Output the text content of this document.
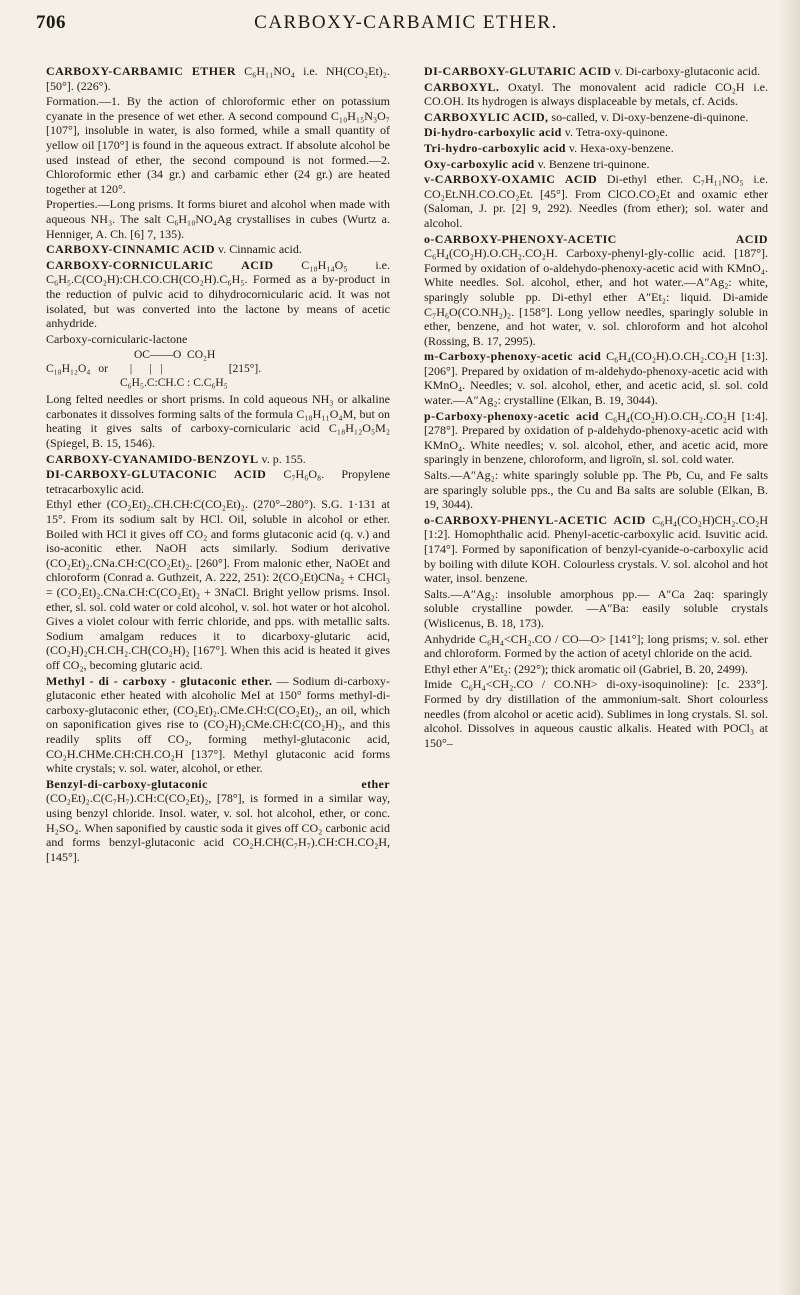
706	CARBOXY-CARBAMIC ETHER.

CARBOXY-CARBAMIC ETHER C₆H₁₁NO₄ i.e. NH(CO₂Et)₂. [50°]. (226°).

Formation.—1. By the action of chloroformic ether on potassium cyanate in the presence of wet ether. A second compound C₁₀H₁₅N₃O₇ [107°], insoluble in water, is also formed, while a small quantity of yellow oil [170°] is found in the aqueous extract. If absolute alcohol be used instead of ether, the second compound is not formed.—2. Chloroformic ether (34 gr.) and carbamic ether (24 gr.) are heated together at 120°.

Properties.—Long prisms. It forms biuret and alcohol when made with aqueous NH₃. The salt C₆H₁₀NO₄Ag crystallises in cubes (Wurtz a. Henniger, A. Ch. [6] 7, 135).

CARBOXY-CINNAMIC ACID v. Cinnamic acid.

CARBOXY-CORNICULARIC ACID C₁₈H₁₄O₅ i.e. C₆H₅.C(CO₂H):CH.CO.CH(CO₂H).C₆H₅. Formed as a by-product in the reduction of pulvic acid to dihydrocornicularic acid. It was not isolated, but was converted into the lactone by means of acetic anhydride.

Carboxy-cornicularic-lactone

OC——O  CO₂H
C₁₈H₁₂O₄ or |      |   |	[215°].
C₆H₅.C:CH.C : C.C₆H₅

Long felted needles or short prisms. In cold aqueous NH₃ or alkaline carbonates it dissolves forming salts of the formula C₁₈H₁₁O₄M, but on heating it gives salts of carboxy-cornicularic acid C₁₈H₁₂O₅M₂ (Spiegel, B. 15, 1546).

CARBOXY-CYANAMIDO-BENZOYL v. p. 155.

DI-CARBOXY-GLUTACONIC ACID C₇H₆O₈. Propylene tetracarboxylic acid.

Ethyl ether (CO₂Et)₂.CH.CH:C(CO₂Et)₂. (270°–280°). S.G. 1·131 at 15°. From its sodium salt by HCl. Oil, soluble in alcohol or ether. Boiled with HCl it gives off CO₂ and forms glutaconic acid (q. v.) and iso-aconitic ether. NaOH acts similarly. Sodium derivative (CO₂Et)₂.CNa.CH:C(CO₂Et)₂. [260°]. From malonic ether, NaOEt and chloroform (Conrad a. Guthzeit, A. 222, 251): 2(CO₂Et)CNa₂ + CHCl₃ = (CO₂Et)₂.CNa.CH:C(CO₂Et)₂ + 3NaCl. Bright yellow prisms. Insol. ether, sl. sol. cold water or cold alcohol, v. sol. hot water or hot alcohol. Gives a violet colour with ferric chloride, and pps. with metallic salts. Sodium amalgam reduces it to dicarboxy-glutaric acid, (CO₂H)₂CH.CH₂.CH(CO₂H)₂ [167°]. When this acid is heated it gives off CO₂, becoming glutaric acid.

Methyl - di - carboxy - glutaconic ether. — Sodium di-carboxy-glutaconic ether heated with alcoholic MeI at 150° forms methyl-di-carboxy-glutaconic ether, (CO₂Et)₂.CMe.CH:C(CO₂Et)₂, an oil, which on saponification gives rise to (CO₂H)₂CMe.CH:C(CO₂H)₂, and this readily splits off CO₂, forming methyl-glutaconic acid, CO₂H.CHMe.CH:CH.CO₂H [137°]. Methyl glutaconic acid forms white crystals; v. sol. water, alcohol, or ether.

Benzyl-di-carboxy-glutaconic ether (CO₂Et)₂.C(C₇H₇).CH:C(CO₂Et)₂, [78°], is formed in a similar way, using benzyl chloride. Insol. water, v. sol. hot alcohol, ether, or conc. H₂SO₄. When saponified by caustic soda it gives off CO₂ carbonic acid and forms benzyl-glutaconic acid CO₂H.CH(C₇H₇).CH:CH.CO₂H, [145°].

DI-CARBOXY-GLUTARIC ACID v. Di-carboxy-glutaconic acid.

CARBOXYL. Oxatyl. The monovalent acid radicle CO₂H i.e. CO.OH. Its hydrogen is always displaceable by metals, cf. Acids.

CARBOXYLIC ACID, so-called, v. Di-oxy-benzene-di-quinone.

Di-hydro-carboxylic acid v. Tetra-oxy-quinone.

Tri-hydro-carboxylic acid v. Hexa-oxy-benzene.

Oxy-carboxylic acid v. Benzene tri-quinone.

v-CARBOXY-OXAMIC ACID Di-ethyl ether. C₇H₁₁NO₅ i.e. CO₂Et.NH.CO.CO₂Et. [45°]. From ClCO.CO₂Et and oxamic ether (Saloman, J. pr. [2] 9, 292). Needles (from ether); sol. water and alcohol.

o-CARBOXY-PHENOXY-ACETIC ACID C₆H₄(CO₂H).O.CH₂.CO₂H. Carboxy-phenyl-gly-collic acid. [187°]. Formed by oxidation of o-aldehydo-phenoxy-acetic acid with KMnO₄. White needles. Sol. alcohol, ether, and hot water.—A″Ag₂: white, sparingly soluble pp. Di-ethyl ether A″Et₂: liquid. Di-amide C₇H₆O(CO.NH₂)₂. [158°]. Long yellow needles, sparingly soluble in ether, benzene, and hot water, v. sol. chloroform and hot alcohol (Rossing, B. 17, 2995).

m-Carboxy-phenoxy-acetic acid C₆H₄(CO₂H).O.CH₂.CO₂H [1:3]. [206°]. Prepared by oxidation of m-aldehydo-phenoxy-acetic acid with KMnO₄. Needles; v. sol. alcohol, ether, and acetic acid, sl. sol. cold water.—A″Ag₂: crystalline (Elkan, B. 19, 3044).

p-Carboxy-phenoxy-acetic acid C₆H₄(CO₂H).O.CH₂.CO₂H [1:4]. [278°]. Prepared by oxidation of p-aldehydo-phenoxy-acetic acid with KMnO₄. White needles; v. sol. alcohol, ether, and acetic acid, more sparingly in benzene, chloroform, and ligroïn, sl. sol. cold water.

Salts.—A″Ag₂: white sparingly soluble pp. The Pb, Cu, and Fe salts are sparingly soluble pps., the Cu and Ba salts are soluble (Elkan, B. 19, 3044).

o-CARBOXY-PHENYL-ACETIC ACID C₆H₄(CO₂H)CH₂.CO₂H [1:2]. Homophthalic acid. Phenyl-acetic-carboxylic acid. Isuvitic acid. [174°]. Formed by saponification of benzyl-cyanide-o-carboxylic acid by boiling with dilute KOH. Colourless crystals. V. sol. alcohol and hot water, insol. benzene.

Salts.—A″Ag₂: insoluble amorphous pp.— A″Ca 2aq: sparingly soluble crystalline powder. —A″Ba: easily soluble crystals (Wislicenus, B. 18, 173).

Anhydride C₆H₄<CH₂.CO / CO—O> [141°]; long prisms; v. sol. ether and chloroform. Formed by the action of acetyl chloride on the acid.

Ethyl ether A″Et₂: (292°); thick aromatic oil (Gabriel, B. 20, 2499).

Imide C₆H₄<CH₂.CO / CO.NH> di-oxy-isoquinoline): [c. 233°]. Formed by dry distillation of the ammonium-salt. Short colourless needles (from alcohol or acetic acid). Sublimes in long crystals. Sl. sol. alcohol. Dissolves in aqueous caustic alkalis. Heated with POCl₃ at 150°–
